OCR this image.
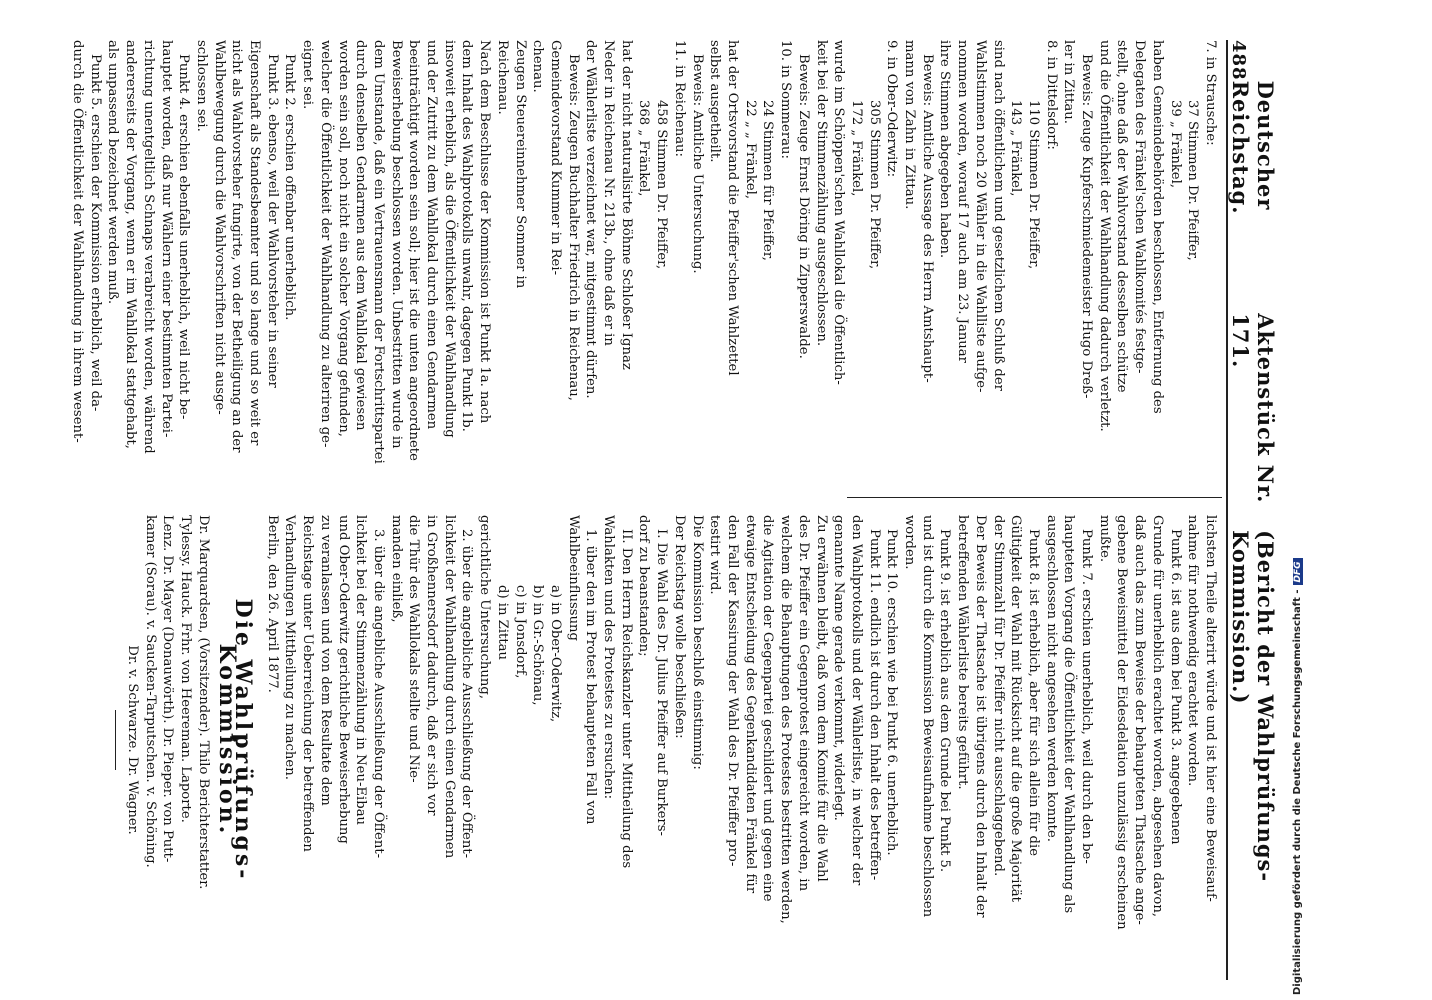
488
Deutscher Reichstag.
Aktenstück Nr. 171.
(Bericht der Wahlprüfungs-Kommission.)

7. in Strausche:

37 Stimmen Dr. Pfeiffer,

39 „ Fränkel,

haben Gemeindebehörden beschlossen, Entfernung des

Delegaten des Fränkel'schen Wahlkomités festge-

stellt, ohne daß der Wahlvorstand desselben schütze

und die Öffentlichkeit der Wahlhandlung dadurch verletzt.

Beweis: Zeuge Kupferschmiedemeister Hugo Dreß-

ler in Zittau.

8. in Dittelsdorf:

110 Stimmen Dr. Pfeiffer,

143 „ Fränkel,

sind nach öffentlichem und gesetzlichem Schluß der

Wahlstimmen noch 20 Wähler in die Wahlliste aufge-

nommen worden, worauf 17 auch am 23. Januar

ihre Stimmen abgegeben haben.

Beweis: Amtliche Aussage des Herrn Amtshaupt-

mann von Zahn in Zittau.

9. in Ober-Oderwitz:

305 Stimmen Dr. Pfeiffer,

172 „ Fränkel,

wurde im Schöppen'schen Wahllokal die Öffentlich-

keit bei der Stimmenzählung ausgeschlossen.

Beweis: Zeuge Ernst Döring in Zipperswalde.

10. in Sommerau:

24 Stimmen für Pfeiffer,

22 „ „ Fränkel,

hat der Ortsvorstand die Pfeiffer'schen Wahlzettel

selbst ausgetheilt.

Beweis: Amtliche Untersuchung.

11. in Reichenau:

458 Stimmen Dr. Pfeiffer,

368 „ Fränkel,

hat der nicht naturalisirte Böhme Schloßer Ignaz

Neder in Reichenau Nr. 213b., ohne daß er in

der Wählerliste verzeichnet war, mitgestimmt dürfen.

Beweis: Zeugen Buchhalter Friedrich in Reichenau,

Gemeindevorstand Kummer in Rei-

chenau.

Zeugen Steuereinnehmer Sommer in

Reichenau.

Nach dem Beschlusse der Kommission ist Punkt 1a. nach

dem Inhalt des Wahlprotokolls unwahr, dagegen Punkt 1b.

insoweit erheblich, als die Öffentlichkeit der Wahlhandlung

und der Zutritt zu dem Wahllokal durch einen Gendarmen

beeinträchtigt worden sein soll; hier ist die unten angeordnete

Beweiserhebung beschlossen worden. Unbestritten wurde in

dem Umstande, daß ein Vertrauensmann der Fortschrittspartei

durch denselben Gendarmen aus dem Wahllokal gewiesen

worden sein soll, noch nicht ein solcher Vorgang gefunden,

welcher die Öffentlichkeit der Wahlhandlung zu alteriren ge-

eignet sei.

Punkt 2. erschien offenbar unerheblich.

Punkt 3. ebenso, weil der Wahlvorsteher in seiner

Eigenschaft als Standesbeamter und so lange und so weit er

nicht als Wahlvorsteher fungirte, von der Betheiligung an der

Wahlbewegung durch die Wahlvorschriften nicht ausge-

schlossen sei.

Punkt 4. erschien ebenfalls unerheblich, weil nicht be-

hauptet worden, daß nur Wählern einer bestimmten Partei-

richtung unentgeltlich Schnaps verabreicht worden, während

andererseits der Vorgang, wenn er im Wahllokal stattgehabt,

als unpassend bezeichnet werden muß.

Punkt 5. erschien der Kommission erheblich, weil da-

durch die Öffentlichkeit der Wahlhandlung in ihrem wesent-

lichsten Theile alterirt würde und ist hier eine Beweisauf-

nahme für nothwendig erachtet worden.

Punkt 6. ist aus dem bei Punkt 3. angegebenen

Grunde für unerheblich erachtet worden, abgesehen davon,

daß auch das zum Beweise der behaupteten Thatsache ange-

gebene Beweismittel der Eidesdelation unzulässig erscheinen

mußte.

Punkt 7. erschien unerheblich, weil durch den be-

haupteten Vorgang die Öffentlichkeit der Wahlhandlung als

ausgeschlossen nicht angesehen werden konnte.

Punkt 8. ist erheblich, aber für sich allein für die

Gültigkeit der Wahl mit Rücksicht auf die große Majorität

der Stimmzahl für Dr. Pfeiffer nicht ausschlaggebend.

Der Beweis der Thatsache ist übrigens durch den Inhalt der

betreffenden Wählerliste bereits geführt.

Punkt 9. ist erheblich aus dem Grunde bei Punkt 5.

und ist durch die Kommission Beweisaufnahme beschlossen

worden.

Punkt 10. erschien wie bei Punkt 6. unerheblich.

Punkt 11. endlich ist durch den Inhalt des betreffen-

den Wahlprotokolls und der Wählerliste, in welcher der

genannte Name gerade verkommt, widerlegt.

Zu erwähnen bleibt, daß vom dem Komité für die Wahl

des Dr. Pfeiffer ein Gegenprotest eingereicht worden, in

welchem die Behauptungen des Protestes bestritten werden,

die Agitation der Gegenpartei geschildert und gegen eine

etwaige Entscheidung des Gegenkandidaten Fränkel für

den Fall der Kassirung der Wahl des Dr. Pfeiffer pro-

testirt wird.

Die Kommission beschloß einstimmig:

Der Reichstag wolle beschließen:

I. Die Wahl des Dr. Julius Pfeiffer auf Burkers-

dorf zu beanstanden;

II. Den Herrn Reichskanzler unter Mittheilung des

Wahlakten und des Protestes zu ersuchen:

1. über den im Protest behaupteten Fall von

Wahlbeeinflussung

a) in Ober-Oderwitz,

b) in Gr.-Schönau,

c) in Jonsdorf,

d) in Zittau

gerichtliche Untersuchung,

2. über die angebliche Ausschließung der Öffent-

lichkeit der Wahlhandlung durch einen Gendarmen

in Großhennersdorf dadurch, daß er sich vor

die Thür des Wahllokals stellte und Nie-

manden einließ,

3. über die angebliche Ausschließung der Öffent-

lichkeit bei der Stimmenzählung in Neu-Eibau

und Ober-Oderwitz gerichtliche Beweiserhebung

zu veranlassen und von dem Resultate dem

Reichstage unter Ueberreichung der betreffenden

Verhandlungen Mittheilung zu machen.

Berlin, den 26. April 1877.

Die Wahlprüfungs-Kommission.

Dr. Marquardsen, (Vorsitzender). Thilo Berichterstatter.

Tylessy. Hauck. Frhr. von Heereman. Laporte.

Lenz. Dr. Mayer (Donauwörth). Dr. Pieper. von Putt-

kamer (Sorau). v. Saucken-Tarputschen. v. Schöning.

Dr. v. Schwarze. Dr. Wagner.	Digitalisierung gefördert durch die Deutsche Forschungsgemeinschaft -DFG
